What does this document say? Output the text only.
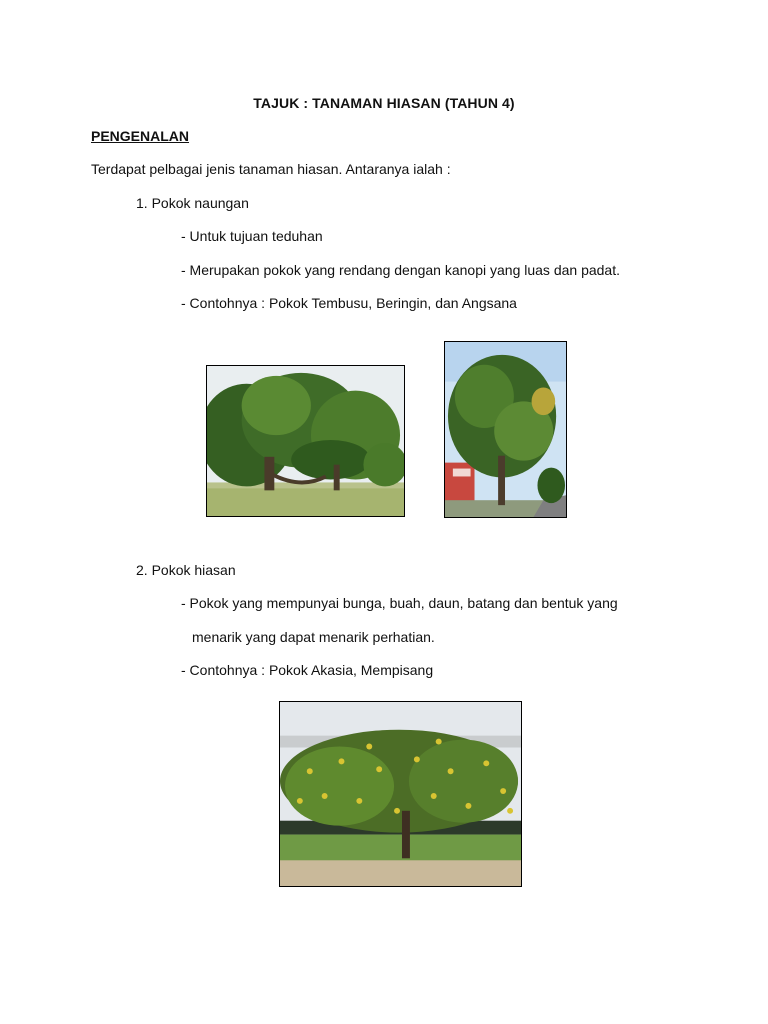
TAJUK : TANAMAN HIASAN (TAHUN 4)
PENGENALAN
Terdapat pelbagai jenis tanaman hiasan. Antaranya ialah :
1. Pokok naungan
- Untuk tujuan teduhan
- Merupakan pokok yang rendang dengan kanopi yang luas dan padat.
- Contohnya : Pokok Tembusu, Beringin, dan Angsana
2. Pokok hiasan
- Pokok yang mempunyai bunga, buah, daun, batang dan bentuk yang
menarik yang dapat menarik perhatian.
- Contohnya : Pokok Akasia, Mempisang
